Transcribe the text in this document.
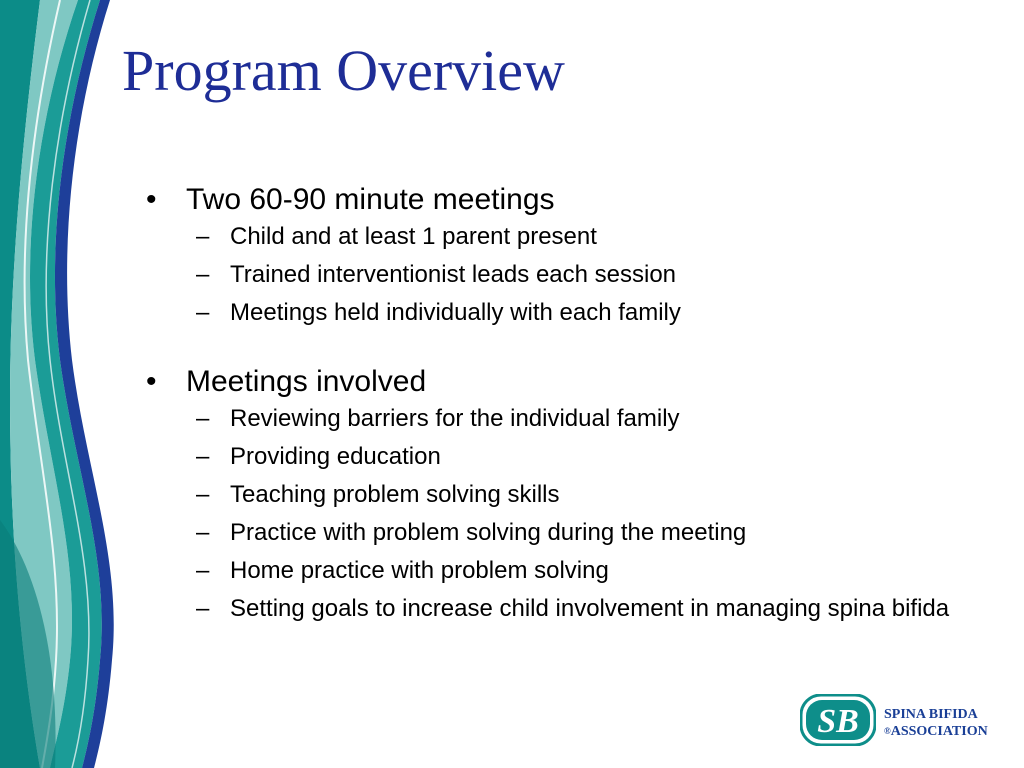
Program Overview
• Two 60-90 minute meetings
– Child and at least 1 parent present
– Trained interventionist leads each session
– Meetings held individually with each family
• Meetings involved
– Reviewing barriers for the individual family
– Providing education
– Teaching problem solving skills
– Practice with problem solving during the meeting
– Home practice with problem solving
– Setting goals to increase child involvement in managing spina bifida
SB SPINA BIFIDA
®ASSOCIATION
